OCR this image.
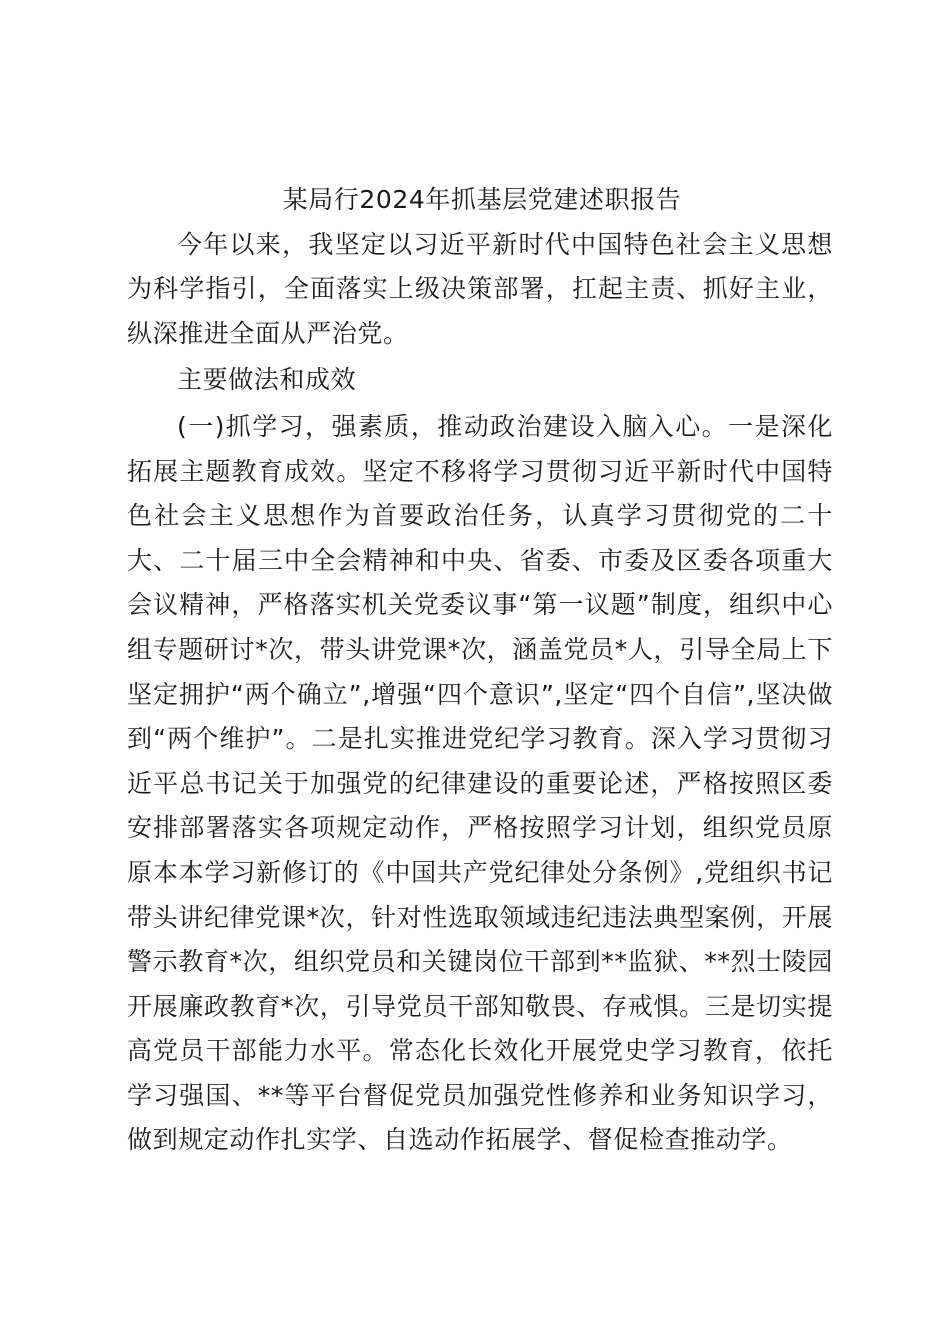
某局行2024年抓基层党建述职报告

今年以来，我坚定以习近平新时代中国特色社会主义思想为科学指引，全面落实上级决策部署，扛起主责、抓好主业，纵深推进全面从严治党。

主要做法和成效

(一)抓学习，强素质，推动政治建设入脑入心。一是深化拓展主题教育成效。坚定不移将学习贯彻习近平新时代中国特色社会主义思想作为首要政治任务，认真学习贯彻党的二十大、二十届三中全会精神和中央、省委、市委及区委各项重大会议精神，严格落实机关党委议事“第一议题”制度，组织中心组专题研讨*次，带头讲党课*次，涵盖党员*人，引导全局上下坚定拥护“两个确立”,增强“四个意识”,坚定“四个自信”,坚决做到“两个维护”。二是扎实推进党纪学习教育。深入学习贯彻习近平总书记关于加强党的纪律建设的重要论述，严格按照区委安排部署落实各项规定动作，严格按照学习计划，组织党员原原本本学习新修订的《中国共产党纪律处分条例》,党组织书记带头讲纪律党课*次，针对性选取领域违纪违法典型案例，开展警示教育*次，组织党员和关键岗位干部到**监狱、**烈士陵园开展廉政教育*次，引导党员干部知敬畏、存戒惧。三是切实提高党员干部能力水平。常态化长效化开展党史学习教育，依托学习强国、**等平台督促党员加强党性修养和业务知识学习，做到规定动作扎实学、自选动作拓展学、督促检查推动学。
